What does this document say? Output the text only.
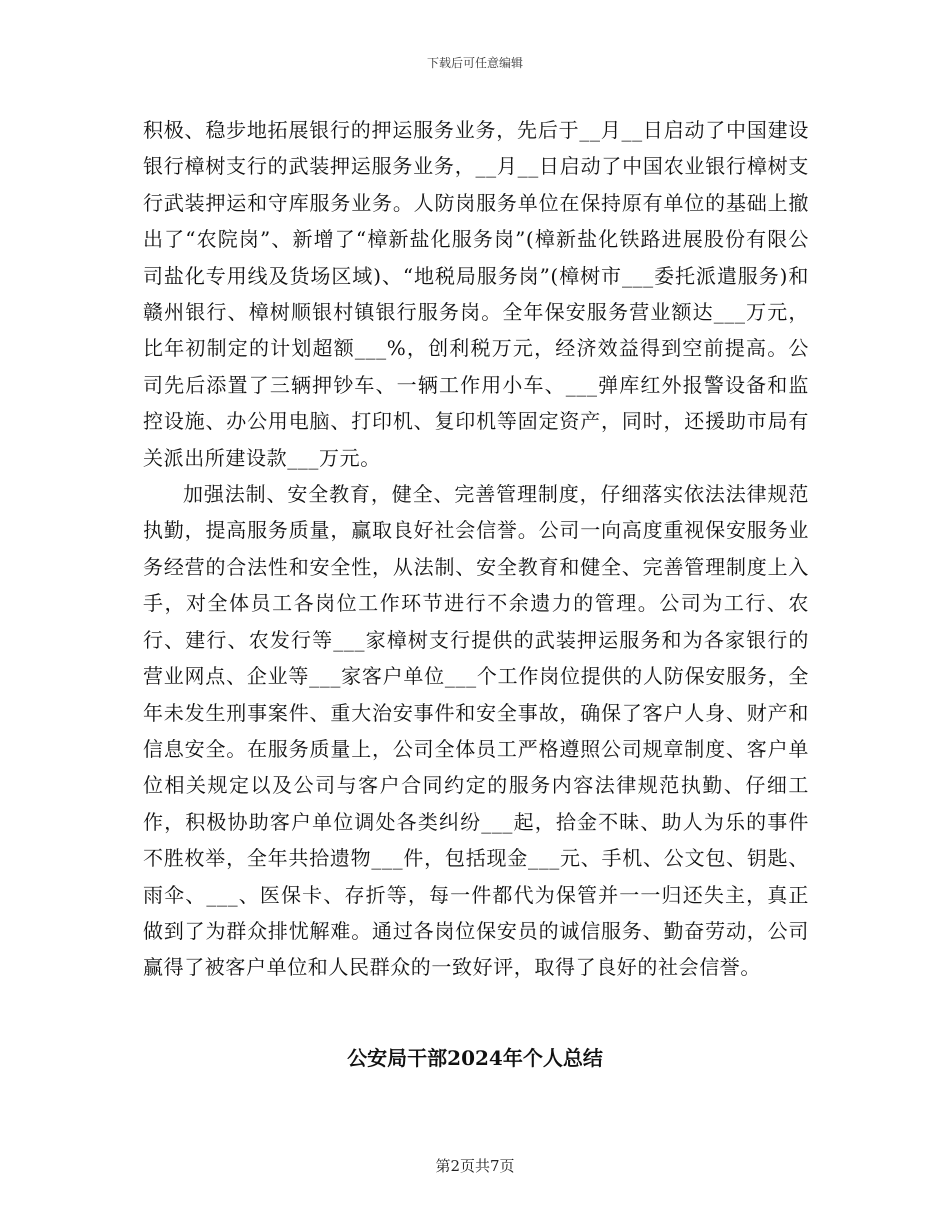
下载后可任意编辑

积极、稳步地拓展银行的押运服务业务，先后于__月__日启动了中国建设银行樟树支行的武装押运服务业务，__月__日启动了中国农业银行樟树支行武装押运和守库服务业务。人防岗服务单位在保持原有单位的基础上撤出了“农院岗”、新增了“樟新盐化服务岗”(樟新盐化铁路进展股份有限公司盐化专用线及货场区域)、“地税局服务岗”(樟树市___委托派遣服务)和赣州银行、樟树顺银村镇银行服务岗。全年保安服务营业额达___万元，比年初制定的计划超额___%，创利税万元，经济效益得到空前提高。公司先后添置了三辆押钞车、一辆工作用小车、___弹库红外报警设备和监控设施、办公用电脑、打印机、复印机等固定资产，同时，还援助市局有关派出所建设款___万元。

加强法制、安全教育，健全、完善管理制度，仔细落实依法法律规范执勤，提高服务质量，赢取良好社会信誉。公司一向高度重视保安服务业务经营的合法性和安全性，从法制、安全教育和健全、完善管理制度上入手，对全体员工各岗位工作环节进行不余遗力的管理。公司为工行、农行、建行、农发行等___家樟树支行提供的武装押运服务和为各家银行的营业网点、企业等___家客户单位___个工作岗位提供的人防保安服务，全年未发生刑事案件、重大治安事件和安全事故，确保了客户人身、财产和信息安全。在服务质量上，公司全体员工严格遵照公司规章制度、客户单位相关规定以及公司与客户合同约定的服务内容法律规范执勤、仔细工作，积极协助客户单位调处各类纠纷___起，拾金不昧、助人为乐的事件不胜枚举，全年共拾遗物___件，包括现金___元、手机、公文包、钥匙、雨伞、___、医保卡、存折等，每一件都代为保管并一一归还失主，真正做到了为群众排忧解难。通过各岗位保安员的诚信服务、勤奋劳动，公司赢得了被客户单位和人民群众的一致好评，取得了良好的社会信誉。

公安局干部2024年个人总结
第2页共7页
